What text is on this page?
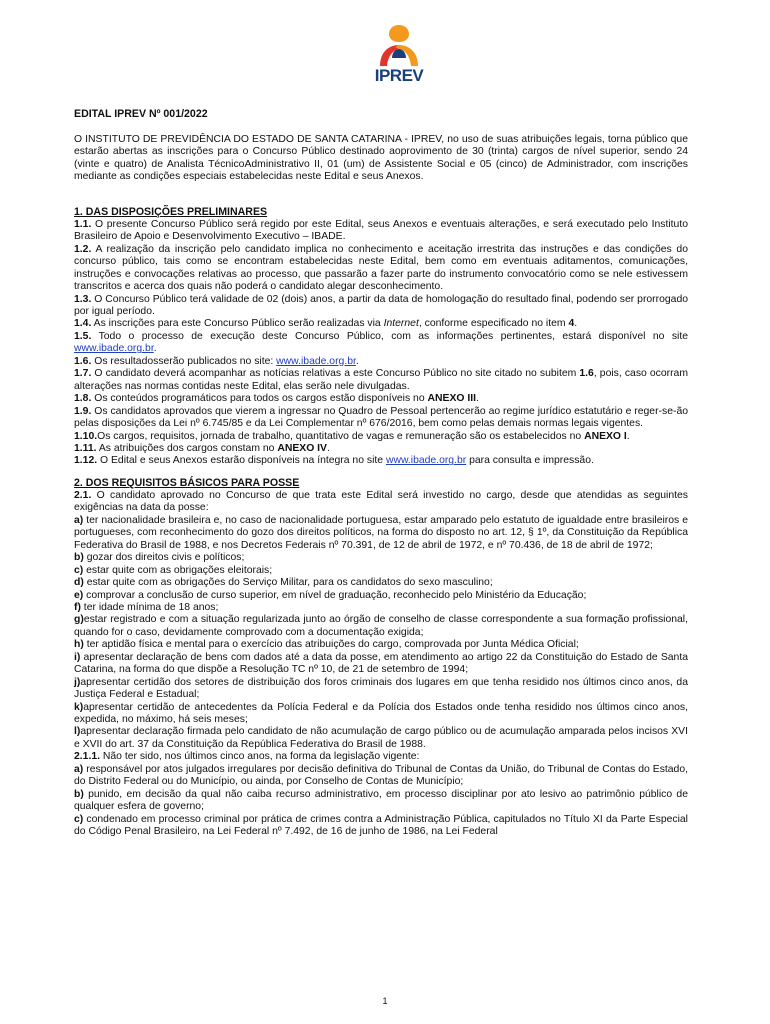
IPREV
EDITAL IPREV Nº 001/2022

O INSTITUTO DE PREVIDÊNCIA DO ESTADO DE SANTA CATARINA - IPREV, no uso de suas atribuições legais, torna público que estarão abertas as inscrições para o Concurso Público destinado aoprovimento de 30 (trinta) cargos de nível superior, sendo 24 (vinte e quatro) de Analista TécnicoAdministrativo II, 01 (um) de Assistente Social e 05 (cinco) de Administrador, com inscrições mediante as condições especiais estabelecidas neste Edital e seus Anexos.

1. DAS DISPOSIÇÕES PRELIMINARES

1.1. O presente Concurso Público será regido por este Edital, seus Anexos e eventuais alterações, e será executado pelo Instituto Brasileiro de Apoio e Desenvolvimento Executivo – IBADE.

1.2. A realização da inscrição pelo candidato implica no conhecimento e aceitação irrestrita das instruções e das condições do concurso público, tais como se encontram estabelecidas neste Edital, bem como em eventuais aditamentos, comunicações, instruções e convocações relativas ao processo, que passarão a fazer parte do instrumento convocatório como se nele estivessem transcritos e acerca dos quais não poderá o candidato alegar desconhecimento.

1.3. O Concurso Público terá validade de 02 (dois) anos, a partir da data de homologação do resultado final, podendo ser prorrogado por igual período.

1.4. As inscrições para este Concurso Público serão realizadas via Internet, conforme especificado no item 4.

1.5. Todo o processo de execução deste Concurso Público, com as informações pertinentes, estará disponível no site www.ibade.org.br.

1.6. Os resultadosserão publicados no site: www.ibade.org.br.

1.7. O candidato deverá acompanhar as notícias relativas a este Concurso Público no site citado no subitem 1.6, pois, caso ocorram alterações nas normas contidas neste Edital, elas serão nele divulgadas.

1.8. Os conteúdos programáticos para todos os cargos estão disponíveis no ANEXO III.

1.9. Os candidatos aprovados que vierem a ingressar no Quadro de Pessoal pertencerão ao regime jurídico estatutário e reger-se-ão pelas disposições da Lei nº 6.745/85 e da Lei Complementar nº 676/2016, bem como pelas demais normas legais vigentes.

1.10.Os cargos, requisitos, jornada de trabalho, quantitativo de vagas e remuneração são os estabelecidos no ANEXO I.

1.11. As atribuições dos cargos constam no ANEXO IV.

1.12. O Edital e seus Anexos estarão disponíveis na íntegra no site www.ibade.org.br para consulta e impressão.

2. DOS REQUISITOS BÁSICOS PARA POSSE

2.1. O candidato aprovado no Concurso de que trata este Edital será investido no cargo, desde que atendidas as seguintes exigências na data da posse:

a) ter nacionalidade brasileira e, no caso de nacionalidade portuguesa, estar amparado pelo estatuto de igualdade entre brasileiros e portugueses, com reconhecimento do gozo dos direitos políticos, na forma do disposto no art. 12, § 1º, da Constituição da República Federativa do Brasil de 1988, e nos Decretos Federais nº 70.391, de 12 de abril de 1972, e nº 70.436, de 18 de abril de 1972;

b) gozar dos direitos civis e políticos;

c) estar quite com as obrigações eleitorais;

d) estar quite com as obrigações do Serviço Militar, para os candidatos do sexo masculino;

e) comprovar a conclusão de curso superior, em nível de graduação, reconhecido pelo Ministério da Educação;

f) ter idade mínima de 18 anos;

g)estar registrado e com a situação regularizada junto ao órgão de conselho de classe correspondente a sua formação profissional, quando for o caso, devidamente comprovado com a documentação exigida;

h) ter aptidão física e mental para o exercício das atribuições do cargo, comprovada por Junta Médica Oficial;

i) apresentar declaração de bens com dados até a data da posse, em atendimento ao artigo 22 da Constituição do Estado de Santa Catarina, na forma do que dispõe a Resolução TC nº 10, de 21 de setembro de 1994;

j)apresentar certidão dos setores de distribuição dos foros criminais dos lugares em que tenha residido nos últimos cinco anos, da Justiça Federal e Estadual;

k)apresentar certidão de antecedentes da Polícia Federal e da Polícia dos Estados onde tenha residido nos últimos cinco anos, expedida, no máximo, há seis meses;

l)apresentar declaração firmada pelo candidato de não acumulação de cargo público ou de acumulação amparada pelos incisos XVI e XVII do art. 37 da Constituição da República Federativa do Brasil de 1988.

2.1.1. Não ter sido, nos últimos cinco anos, na forma da legislação vigente:

a) responsável por atos julgados irregulares por decisão definitiva do Tribunal de Contas da União, do Tribunal de Contas do Estado, do Distrito Federal ou do Município, ou ainda, por Conselho de Contas de Município;

b) punido, em decisão da qual não caiba recurso administrativo, em processo disciplinar por ato lesivo ao patrimônio público de qualquer esfera de governo;

c) condenado em processo criminal por prática de crimes contra a Administração Pública, capitulados no Título XI da Parte Especial do Código Penal Brasileiro, na Lei Federal nº 7.492, de 16 de junho de 1986, na Lei Federal

1
